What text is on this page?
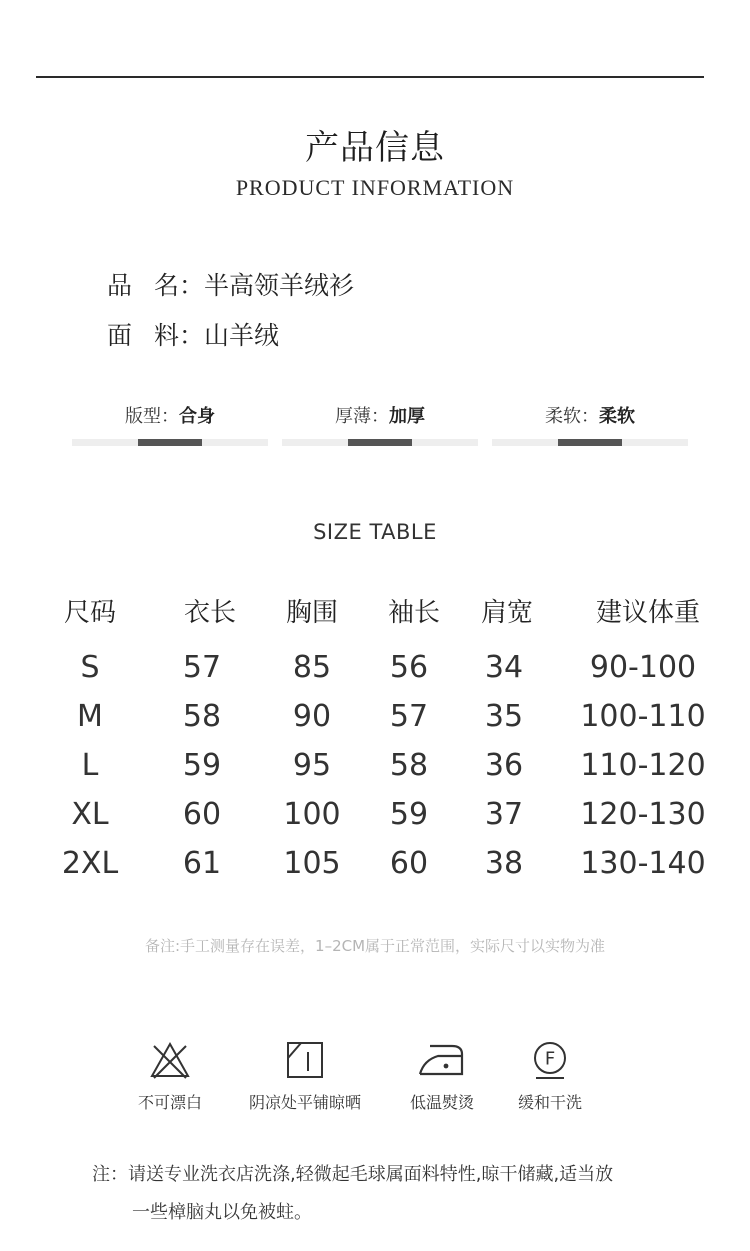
产品信息
PRODUCT INFORMATION
品 名：半高领羊绒衫
面 料：山羊绒
版型：合身	厚薄：加厚	柔软：柔软
SIZE TABLE
尺码	衣长 胸围 袖长 肩宽 建议体重
S	57 85 56 34 90-100
M	58 90 57 35 100-110
L	59 95 58 36 110-120
XL 60 100 59 37 120-130
2XL 61 105 60 38 130-140
备注:手工测量存在误差，1–2CM属于正常范围，实际尺寸以实物为准
不可漂白	阴凉处平铺晾晒	低温熨烫
F
缓和干洗
注：请送专业洗衣店洗涤,轻微起毛球属面料特性,晾干储藏,适当放
一些樟脑丸以免被蛀。
